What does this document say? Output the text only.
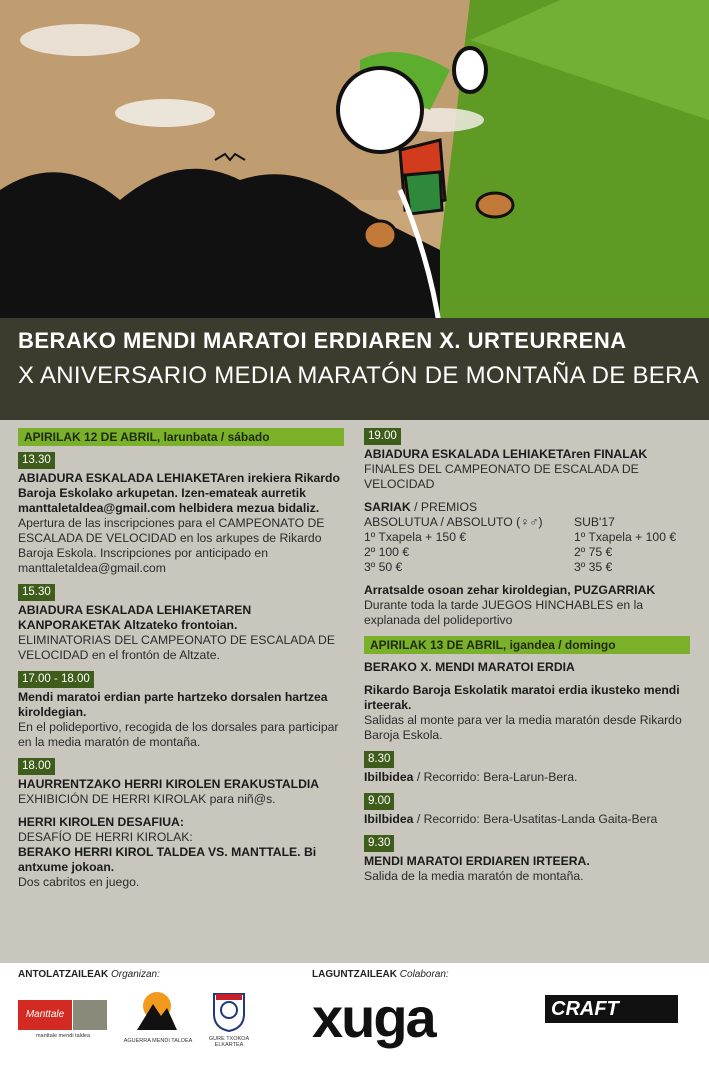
BERAKO MENDI MARATOI ERDIAREN X. URTEURRENA
X ANIVERSARIO MEDIA MARATÓN DE MONTAÑA DE BERA
APIRILAK 12 DE ABRIL, larunbata / sábado
13.30
ABIADURA ESKALADA LEHIAKETAren irekiera Rikardo Baroja Eskolako arkupetan. Izen-emateak aurretik manttaletaldea@gmail.com helbidera mezua bidaliz.
Apertura de las inscripciones para el CAMPEONATO DE ESCALADA DE VELOCIDAD en los arkupes de Rikardo Baroja Eskola. Inscripciones por anticipado en manttaletaldea@gmail.com
15.30
ABIADURA ESKALADA LEHIAKETAREN KANPORAKETAK Altzateko frontoian.
ELIMINATORIAS DEL CAMPEONATO DE ESCALADA DE VELOCIDAD en el frontón de Altzate.
17.00 - 18.00
Mendi maratoi erdian parte hartzeko dorsalen hartzea kiroldegian.
En el polideportivo, recogida de los dorsales para participar en la media maratón de montaña.
18.00
HAURRENTZAKO HERRI KIROLEN ERAKUSTALDIA
EXHIBICIÓN DE HERRI KIROLAK para niñ@s.
HERRI KIROLEN DESAFIUA:
DESAFÍO DE HERRI KIROLAK:
BERAKO HERRI KIROL TALDEA VS. MANTTALE. Bi antxume jokoan.
Dos cabritos en juego.
19.00
ABIADURA ESKALADA LEHIAKETAren FINALAK
FINALES DEL CAMPEONATO DE ESCALADA DE VELOCIDAD
SARIAK / PREMIOS
ABSOLUTUA / ABSOLUTO (♀♂)	SUB'17
1º Txapela + 150 €	1º Txapela + 100 €
2º 100 €	2º 75 €
3º 50 €	3º 35 €
Arratsalde osoan zehar kiroldegian, PUZGARRIAK
Durante toda la tarde JUEGOS HINCHABLES en la explanada del polideportivo
APIRILAK 13 DE ABRIL, igandea / domingo
BERAKO X. MENDI MARATOI ERDIA
Rikardo Baroja Eskolatik maratoi erdia ikusteko mendi irteerak.
Salidas al monte para ver la media maratón desde Rikardo Baroja Eskola.
8.30
Ibilbidea / Recorrido: Bera-Larun-Bera.
9.00
Ibilbidea / Recorrido: Bera-Usatitas-Landa Gaita-Bera
9.30
MENDI MARATOI ERDIAREN IRTEERA.
Salida de la media maratón de montaña.
ANTOLATZAILEAK Organizan:	LAGUNTZAILEAK Colaboran:
Manttale
manttale mendi taldea
AGUERRA MENDI TALDEA	GURE TXOKOA ELKARTEA	xuga	CRAFT
